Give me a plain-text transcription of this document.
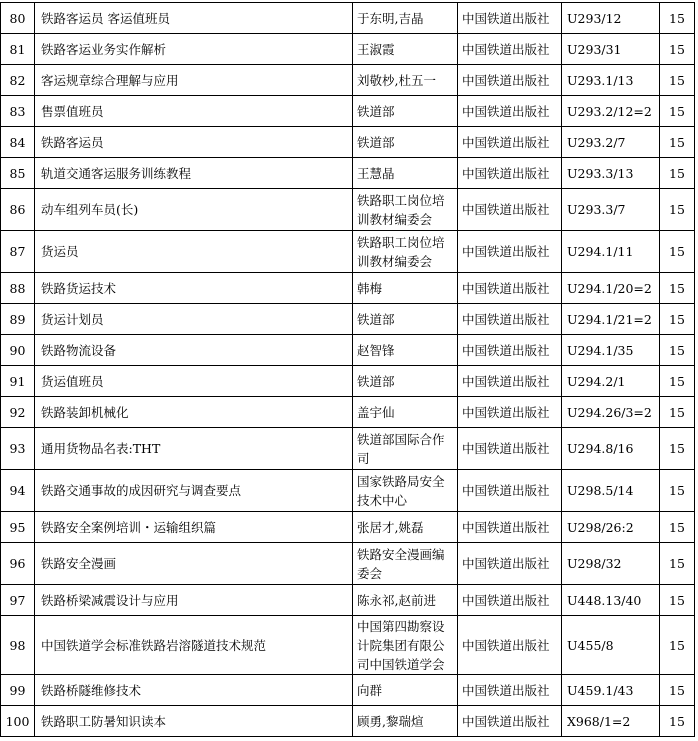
80	铁路客运员 客运值班员	于东明,吉晶	中国铁道出版社	U293/12	15
81	铁路客运业务实作解析	王淑霞	中国铁道出版社	U293/31	15
82	客运规章综合理解与应用	刘敬杪,杜五一	中国铁道出版社	U293.1/13	15
83	售票值班员	铁道部	中国铁道出版社	U293.2/12=2	15
84	铁路客运员	铁道部	中国铁道出版社	U293.2/7	15
85	轨道交通客运服务训练教程	王慧晶	中国铁道出版社	U293.3/13	15
86	动车组列车员(长)	铁路职工岗位培训教材编委会	中国铁道出版社	U293.3/7	15
87	货运员	铁路职工岗位培训教材编委会	中国铁道出版社	U294.1/11	15
88	铁路货运技术	韩梅	中国铁道出版社	U294.1/20=2	15
89	货运计划员	铁道部	中国铁道出版社	U294.1/21=2	15
90	铁路物流设备	赵智锋	中国铁道出版社	U294.1/35	15
91	货运值班员	铁道部	中国铁道出版社	U294.2/1	15
92	铁路装卸机械化	盖宇仙	中国铁道出版社	U294.26/3=2	15
93	通用货物品名表:THT	铁道部国际合作司	中国铁道出版社	U294.8/16	15
94	铁路交通事故的成因研究与调查要点	国家铁路局安全技术中心	中国铁道出版社	U298.5/14	15
95	铁路安全案例培训・运输组织篇	张居才,姚磊	中国铁道出版社	U298/26:2	15
96	铁路安全漫画	铁路安全漫画编委会	中国铁道出版社	U298/32	15
97	铁路桥梁减震设计与应用	陈永祁,赵前进	中国铁道出版社	U448.13/40	15
98	中国铁道学会标准铁路岩溶隧道技术规范	中国第四勘察设计院集团有限公司中国铁道学会	中国铁道出版社	U455/8	15
99	铁路桥隧维修技术	向群	中国铁道出版社	U459.1/43	15
100	铁路职工防暑知识读本	顾勇,黎瑞煊	中国铁道出版社	X968/1=2	15
